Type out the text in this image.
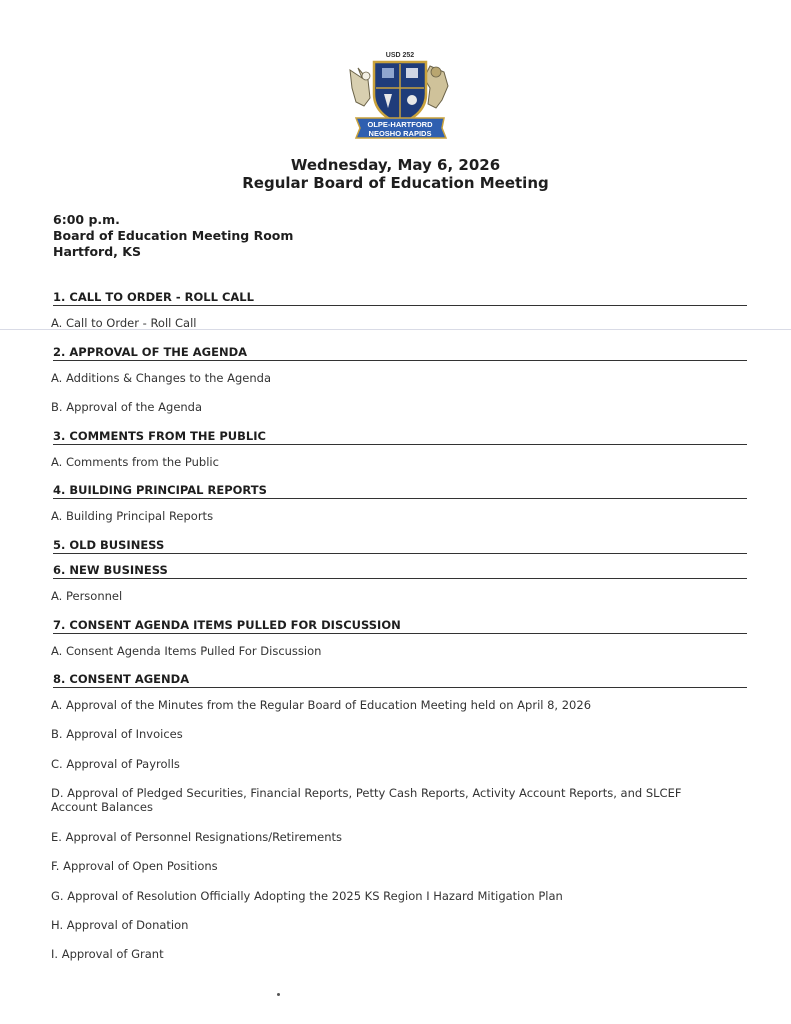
USD 252
OLPE-HARTFORD
NEOSHO RAPIDS
Wednesday, May 6, 2026
Regular Board of Education Meeting
6:00 p.m.
Board of Education Meeting Room
Hartford, KS
1. CALL TO ORDER - ROLL CALL
A. Call to Order - Roll Call
2. APPROVAL OF THE AGENDA
A. Additions & Changes to the Agenda
B. Approval of the Agenda
3. COMMENTS FROM THE PUBLIC
A. Comments from the Public
4. BUILDING PRINCIPAL REPORTS
A. Building Principal Reports
5. OLD BUSINESS
6. NEW BUSINESS
A. Personnel
7. CONSENT AGENDA ITEMS PULLED FOR DISCUSSION
A. Consent Agenda Items Pulled For Discussion
8. CONSENT AGENDA
A. Approval of the Minutes from the Regular Board of Education Meeting held on April 8, 2026
B. Approval of Invoices
C. Approval of Payrolls
D. Approval of Pledged Securities, Financial Reports, Petty Cash Reports, Activity Account Reports, and SLCEF Account Balances
E. Approval of Personnel Resignations/Retirements
F. Approval of Open Positions
G. Approval of Resolution Officially Adopting the 2025 KS Region I Hazard Mitigation Plan
H. Approval of Donation
I. Approval of Grant
